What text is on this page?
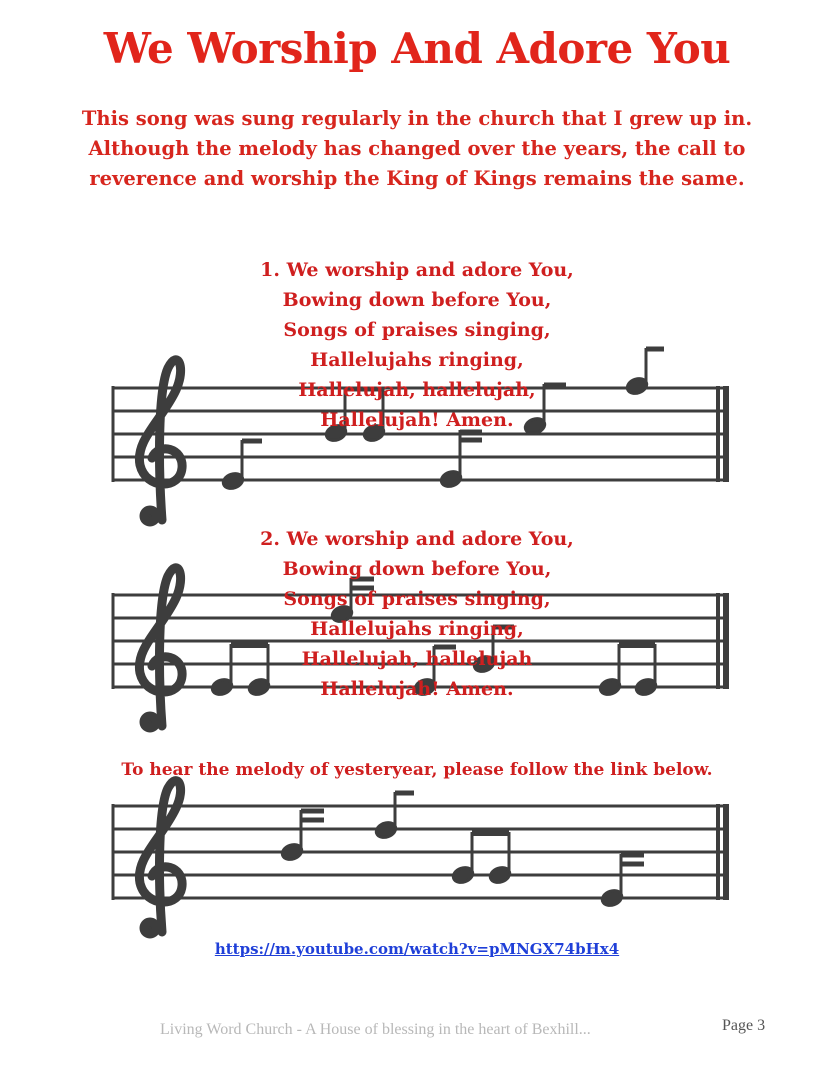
We Worship And Adore You
This song was sung regularly in the church that I grew up in.
Although the melody has changed over the years, the call to
reverence and worship the King of Kings remains the same.
1. We worship and adore You,
Bowing down before You,
Songs of praises singing,
Hallelujahs ringing,
Hallelujah, hallelujah,
Hallelujah! Amen.
2. We worship and adore You,
Bowing down before You,
Songs of praises singing,
Hallelujahs ringing,
Hallelujah, hallelujah
Hallelujah! Amen.
To hear the melody of yesteryear, please follow the link below.
https://m.youtube.com/watch?v=pMNGX74bHx4
Living Word Church - A House of blessing in the heart of Bexhill...	Page 3
